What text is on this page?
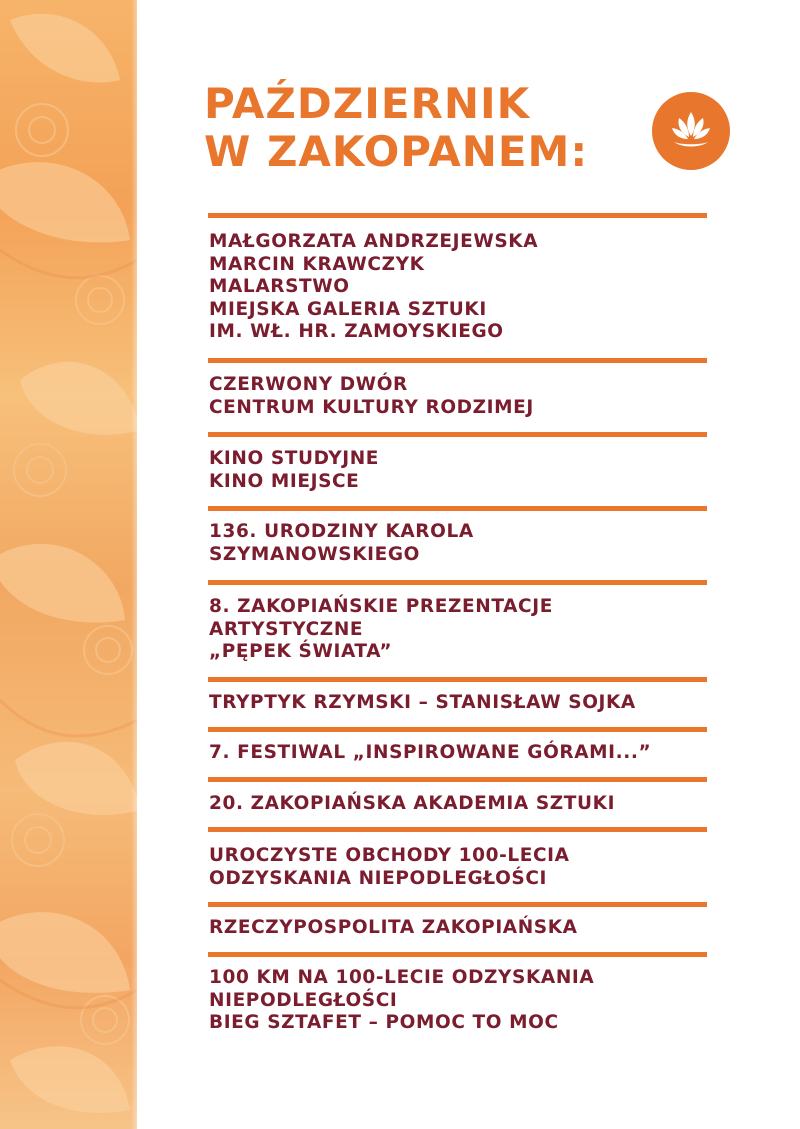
PAŹDZIERNIK
W ZAKOPANEM:
MAŁGORZATA ANDRZEJEWSKA
MARCIN KRAWCZYK
MALARSTWO
MIEJSKA GALERIA SZTUKI
IM. WŁ. HR. ZAMOYSKIEGO
CZERWONY DWÓR
CENTRUM KULTURY RODZIMEJ
KINO STUDYJNE
KINO MIEJSCE
136. URODZINY KAROLA
SZYMANOWSKIEGO
8. ZAKOPIAŃSKIE PREZENTACJE
ARTYSTYCZNE
„PĘPEK ŚWIATA”
TRYPTYK RZYMSKI – STANISŁAW SOJKA
7. FESTIWAL „INSPIROWANE GÓRAMI...”
20. ZAKOPIAŃSKA AKADEMIA SZTUKI
UROCZYSTE OBCHODY 100-LECIA
ODZYSKANIA NIEPODLEGŁOŚCI
RZECZYPOSPOLITA ZAKOPIAŃSKA
100 KM NA 100-LECIE ODZYSKANIA
NIEPODLEGŁOŚCI
BIEG SZTAFET – POMOC TO MOC
